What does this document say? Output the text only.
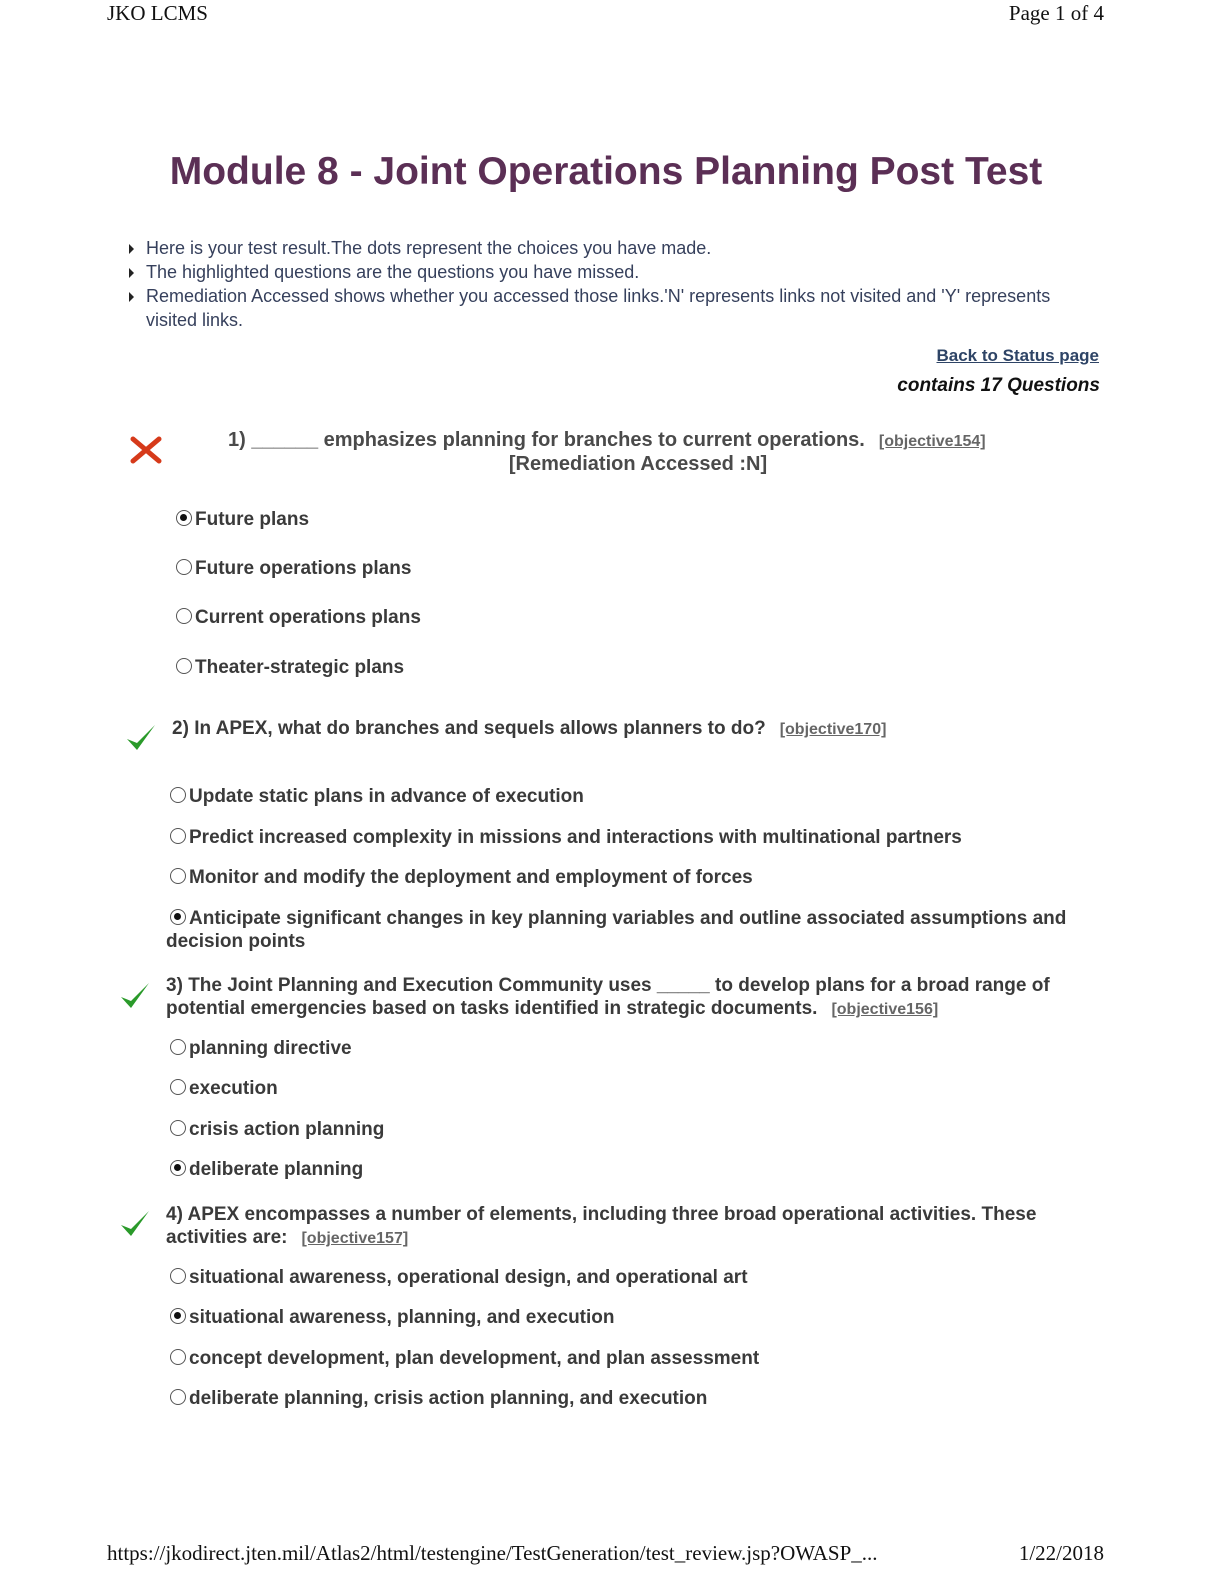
JKO LCMS	Page 1 of 4
Module 8 - Joint Operations Planning Post Test
Here is your test result.The dots represent the choices you have made.
The highlighted questions are the questions you have missed.
Remediation Accessed shows whether you accessed those links.'N' represents links not visited and 'Y' represents visited links.
Back to Status page
contains 17 Questions
1) ______ emphasizes planning for branches to current operations. [objective154]
[Remediation Accessed :N]
Future plans
Future operations plans
Current operations plans
Theater-strategic plans
2) In APEX, what do branches and sequels allows planners to do? [objective170]
Update static plans in advance of execution
Predict increased complexity in missions and interactions with multinational partners
Monitor and modify the deployment and employment of forces
Anticipate significant changes in key planning variables and outline associated assumptions and decision points
3) The Joint Planning and Execution Community uses _____ to develop plans for a broad range of potential emergencies based on tasks identified in strategic documents. [objective156]
planning directive
execution
crisis action planning
deliberate planning
4) APEX encompasses a number of elements, including three broad operational activities. These activities are: [objective157]
situational awareness, operational design, and operational art
situational awareness, planning, and execution
concept development, plan development, and plan assessment
deliberate planning, crisis action planning, and execution
https://jkodirect.jten.mil/Atlas2/html/testengine/TestGeneration/test_review.jsp?OWASP_...	1/22/2018
